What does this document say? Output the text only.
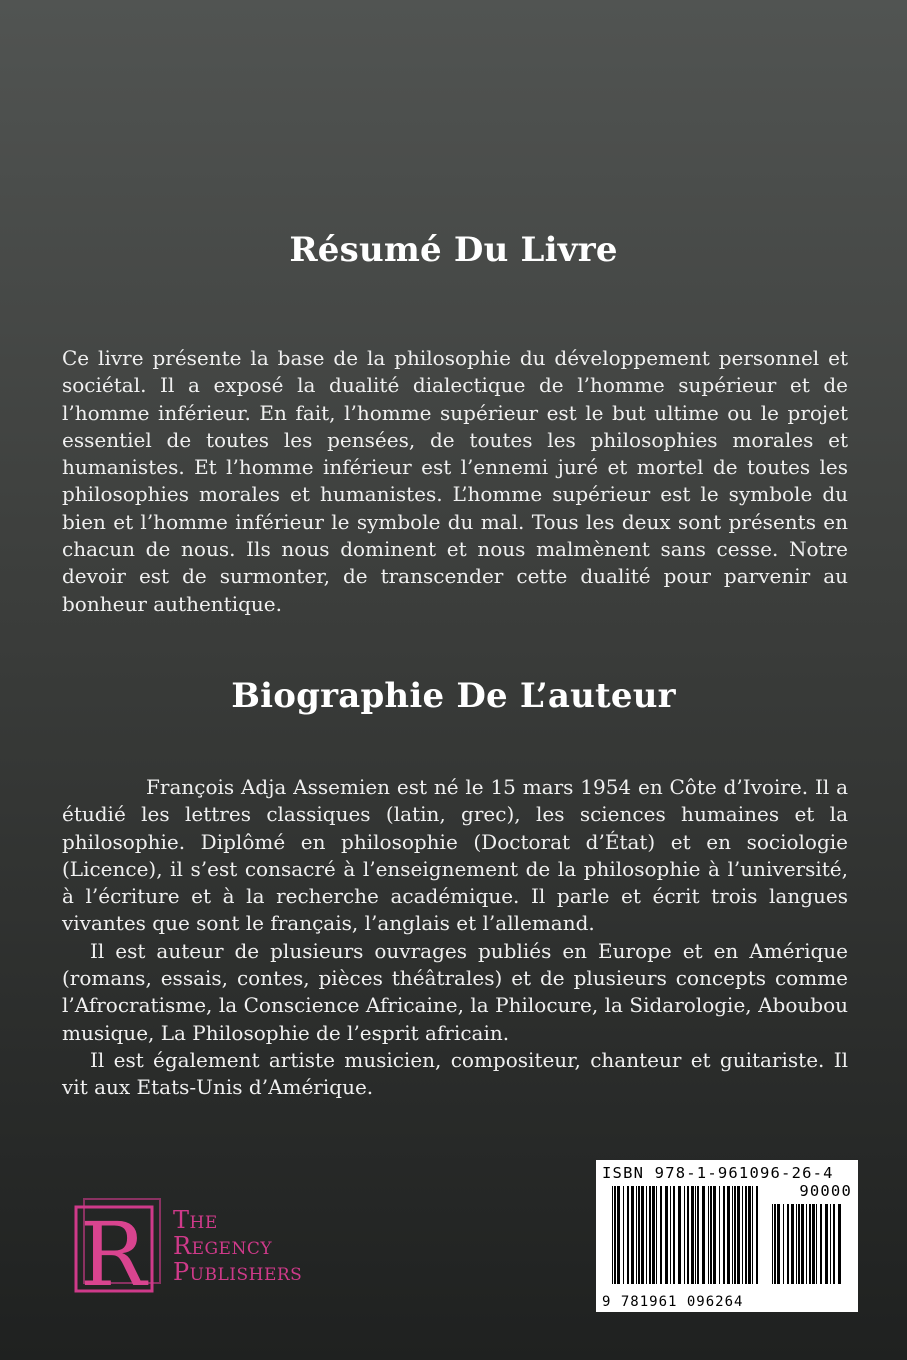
Résumé Du Livre

Ce livre présente la base de la philosophie du développement personnel et sociétal. Il a exposé la dualité dialectique de l’homme supérieur et de l’homme inférieur. En fait, l’homme supérieur est le but ultime ou le projet essentiel de toutes les pensées, de toutes les philosophies morales et humanistes. Et l’homme inférieur est l’ennemi juré et mortel de toutes les philosophies morales et humanistes. L’homme supérieur est le symbole du bien et l’homme inférieur le symbole du mal. Tous les deux sont présents en chacun de nous. Ils nous dominent et nous malmènent sans cesse. Notre devoir est de surmonter, de transcender cette dualité pour parvenir au bonheur authentique.

Biographie De L’auteur

François Adja Assemien est né le 15 mars 1954 en Côte d’Ivoire. Il a étudié les lettres classiques (latin, grec), les sciences humaines et la philosophie. Diplômé en philosophie (Doctorat d’État) et en sociologie (Licence), il s’est consacré à l’enseignement de la philosophie à l’université, à l’écriture et à la recherche académique. Il parle et écrit trois langues vivantes que sont le français, l’anglais et l’allemand.

Il est auteur de plusieurs ouvrages publiés en Europe et en Amérique (romans, essais, contes, pièces théâtrales) et de plusieurs concepts comme l’Afrocratisme, la Conscience Africaine, la Philocure, la Sidarologie, Aboubou musique, La Philosophie de l’esprit africain.

Il est également artiste musicien, compositeur, chanteur et guitariste. Il vit aux Etats-Unis d’Amérique.

R The
Regency
Publishers
ISBN 978-1-961096-26-4
90000
9 781961 096264
